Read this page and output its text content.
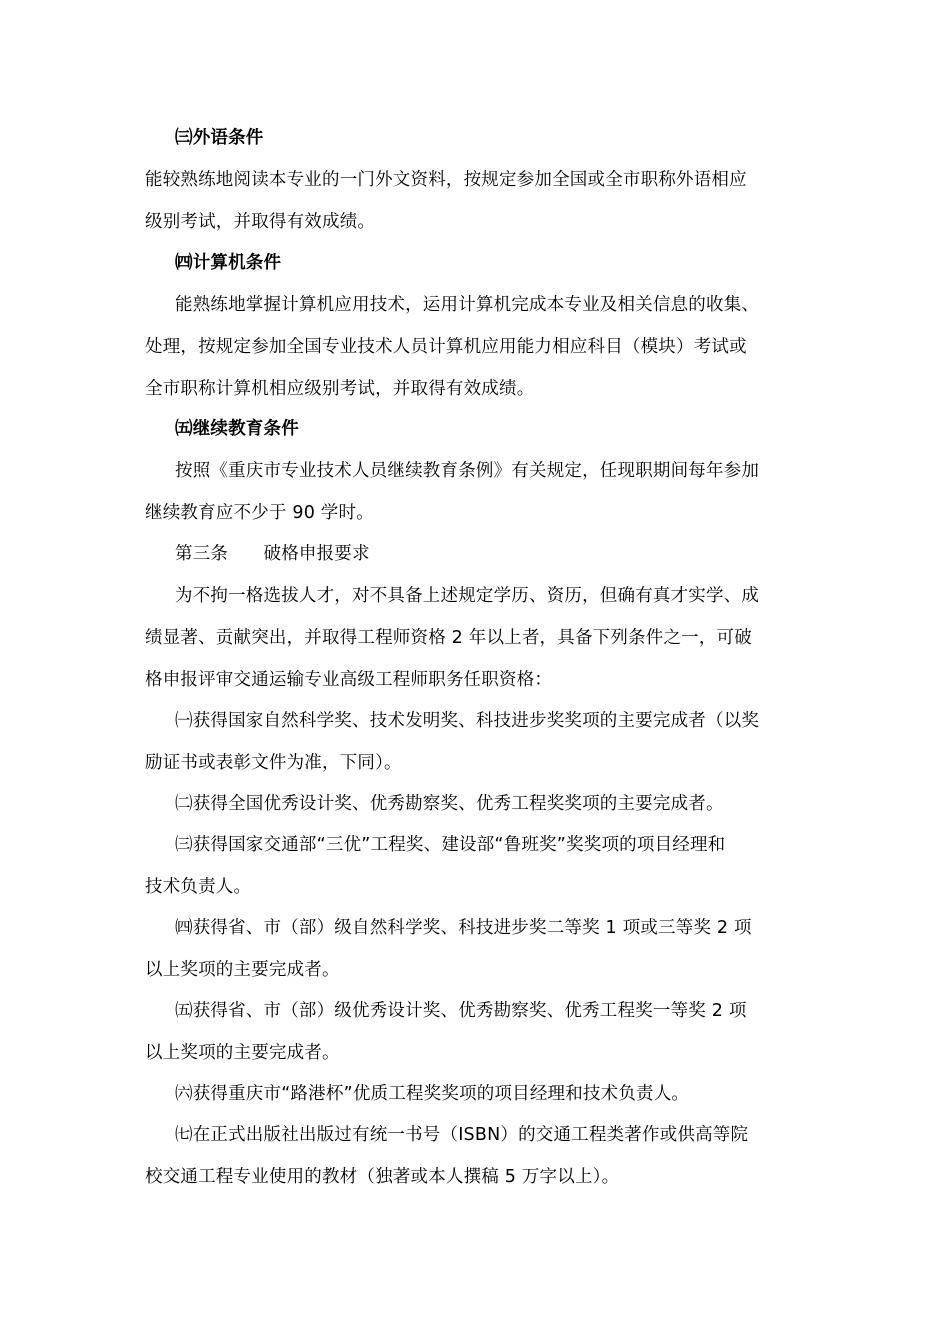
㈢外语条件
能较熟练地阅读本专业的一门外文资料，按规定参加全国或全市职称外语相应
级别考试，并取得有效成绩。
㈣计算机条件
能熟练地掌握计算机应用技术，运用计算机完成本专业及相关信息的收集、
处理，按规定参加全国专业技术人员计算机应用能力相应科目（模块）考试或
全市职称计算机相应级别考试，并取得有效成绩。
㈤继续教育条件
按照《重庆市专业技术人员继续教育条例》有关规定，任现职期间每年参加
继续教育应不少于 90 学时。
第三条　　破格申报要求
为不拘一格选拔人才，对不具备上述规定学历、资历，但确有真才实学、成
绩显著、贡献突出，并取得工程师资格 2 年以上者，具备下列条件之一，可破
格申报评审交通运输专业高级工程师职务任职资格：
㈠获得国家自然科学奖、技术发明奖、科技进步奖奖项的主要完成者（以奖
励证书或表彰文件为准，下同）。
㈡获得全国优秀设计奖、优秀勘察奖、优秀工程奖奖项的主要完成者。
㈢获得国家交通部“三优”工程奖、建设部“鲁班奖”奖奖项的项目经理和
技术负责人。
㈣获得省、市（部）级自然科学奖、科技进步奖二等奖 1 项或三等奖 2 项
以上奖项的主要完成者。
㈤获得省、市（部）级优秀设计奖、优秀勘察奖、优秀工程奖一等奖 2 项
以上奖项的主要完成者。
㈥获得重庆市“路港杯”优质工程奖奖项的项目经理和技术负责人。
㈦在正式出版社出版过有统一书号（ISBN）的交通工程类著作或供高等院
校交通工程专业使用的教材（独著或本人撰稿 5 万字以上）。
